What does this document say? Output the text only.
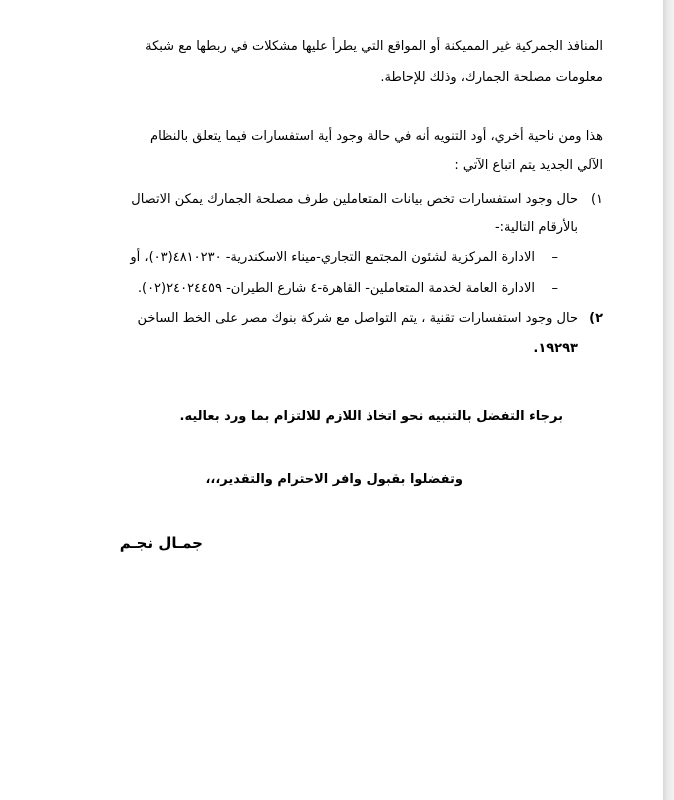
المنافذ الجمركية غير المميكنة أو المواقع التي يطرأ عليها مشكلات في ربطها مع شبكة
معلومات مصلحة الجمارك، وذلك للإحاطة.
هذا ومن ناحية أخري، أود التنويه أنه في حالة وجود أية استفسارات فيما يتعلق بالنظام
الآلي الجديد يتم اتباع الآتي :
١)
حال وجود استفسارات تخص بيانات المتعاملين طرف مصلحة الجمارك يمكن الاتصال
بالأرقام التالية:-
–
الادارة المركزية لشئون المجتمع التجاري-ميناء الاسكندرية- ٤٨١٠٢٣٠(٠٣)، أو
–
الادارة العامة لخدمة المتعاملين- القاهرة-٤ شارع الطيران- ٢٤٠٢٤٤٥٩(٠٢).
٢)
حال وجود استفسارات تقنية ، يتم التواصل مع شركة بنوك مصر على الخط الساخن
١٩٢٩٣.
برجاء التفضل بالتنبيه نحو اتخاذ اللازم للالتزام بما ورد بعاليه.
وتفضلوا بقبول وافر الاحترام والتقدير،،،
جمـال نجـم
